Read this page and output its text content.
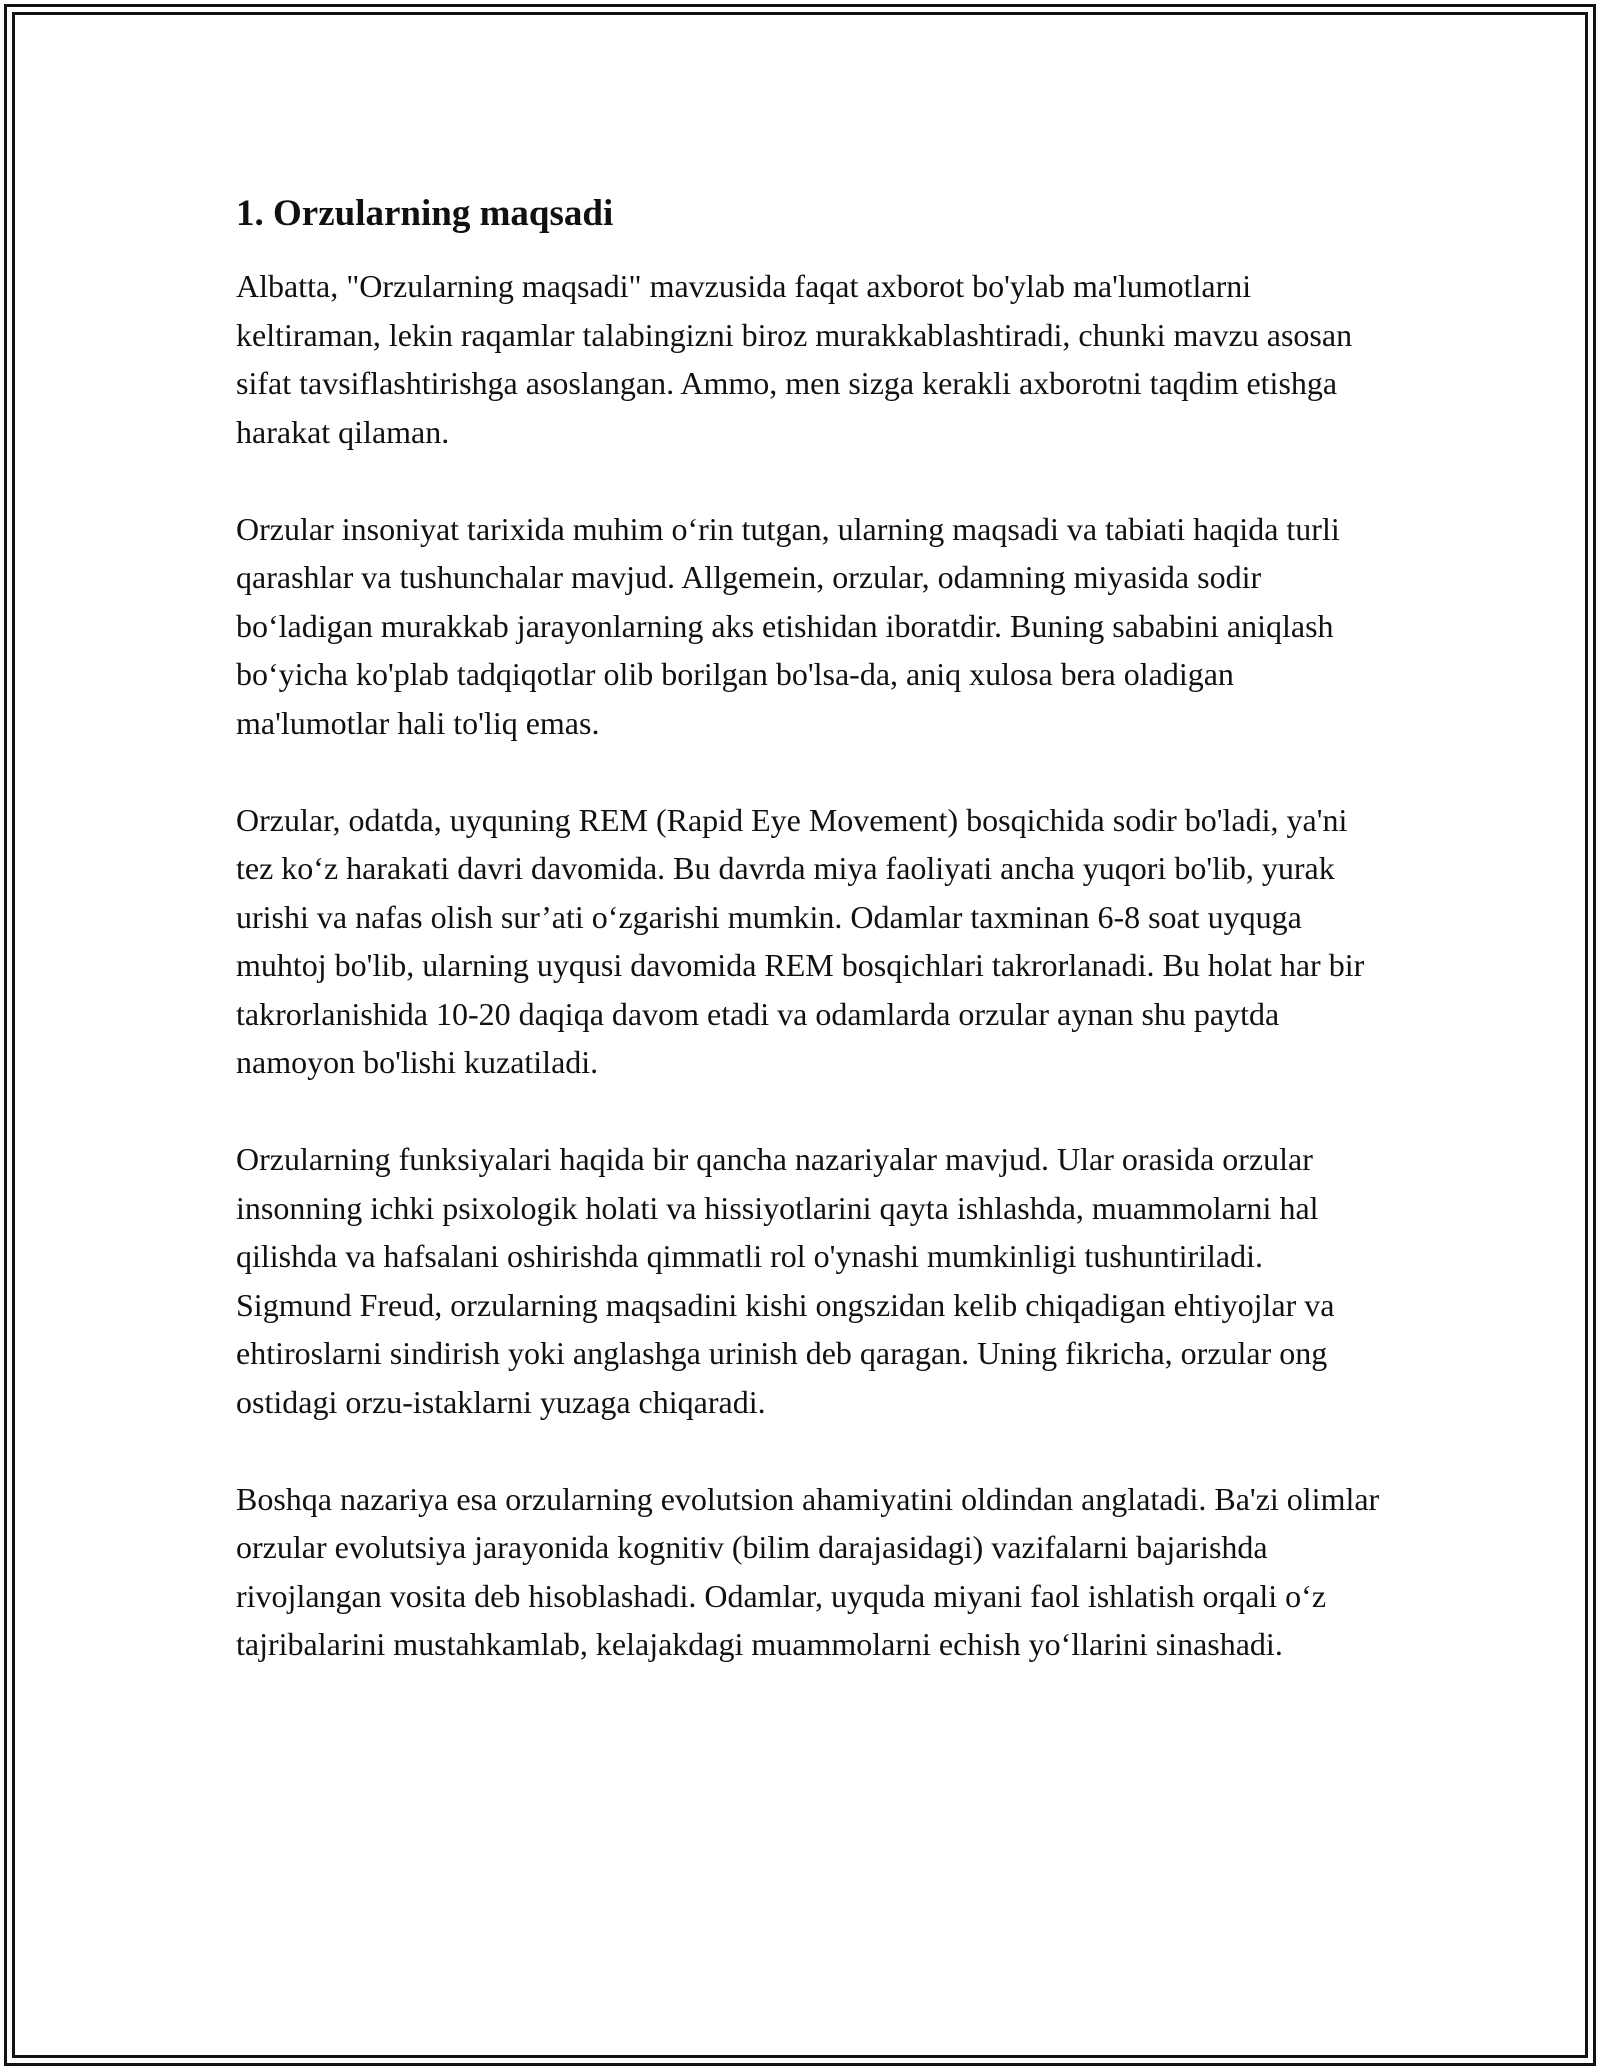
1. Orzularning maqsadi

Albatta, "Orzularning maqsadi" mavzusida faqat axborot bo'ylab ma'lumotlarni keltiraman, lekin raqamlar talabingizni biroz murakkablashtiradi, chunki mavzu asosan sifat tavsiflashtirishga asoslangan. Ammo, men sizga kerakli axborotni taqdim etishga harakat qilaman.

Orzular insoniyat tarixida muhim o‘rin tutgan, ularning maqsadi va tabiati haqida turli qarashlar va tushunchalar mavjud. Allgemein, orzular, odamning miyasida sodir bo‘ladigan murakkab jarayonlarning aks etishidan iboratdir. Buning sababini aniqlash bo‘yicha ko'plab tadqiqotlar olib borilgan bo'lsa-da, aniq xulosa bera oladigan ma'lumotlar hali to'liq emas.

Orzular, odatda, uyquning REM (Rapid Eye Movement) bosqichida sodir bo'ladi, ya'ni tez ko‘z harakati davri davomida. Bu davrda miya faoliyati ancha yuqori bo'lib, yurak urishi va nafas olish sur’ati o‘zgarishi mumkin. Odamlar taxminan 6-8 soat uyquga muhtoj bo'lib, ularning uyqusi davomida REM bosqichlari takrorlanadi. Bu holat har bir takrorlanishida 10-20 daqiqa davom etadi va odamlarda orzular aynan shu paytda namoyon bo'lishi kuzatiladi.

Orzularning funksiyalari haqida bir qancha nazariyalar mavjud. Ular orasida orzular insonning ichki psixologik holati va hissiyotlarini qayta ishlashda, muammolarni hal qilishda va hafsalani oshirishda qimmatli rol o'ynashi mumkinligi tushuntiriladi. Sigmund Freud, orzularning maqsadini kishi ongszidan kelib chiqadigan ehtiyojlar va ehtiroslarni sindirish yoki anglashga urinish deb qaragan. Uning fikricha, orzular ong ostidagi orzu-istaklarni yuzaga chiqaradi.

Boshqa nazariya esa orzularning evolutsion ahamiyatini oldindan anglatadi. Ba'zi olimlar orzular evolutsiya jarayonida kognitiv (bilim darajasidagi) vazifalarni bajarishda rivojlangan vosita deb hisoblashadi. Odamlar, uyquda miyani faol ishlatish orqali o‘z tajribalarini mustahkamlab, kelajakdagi muammolarni echish yo‘llarini sinashadi.
